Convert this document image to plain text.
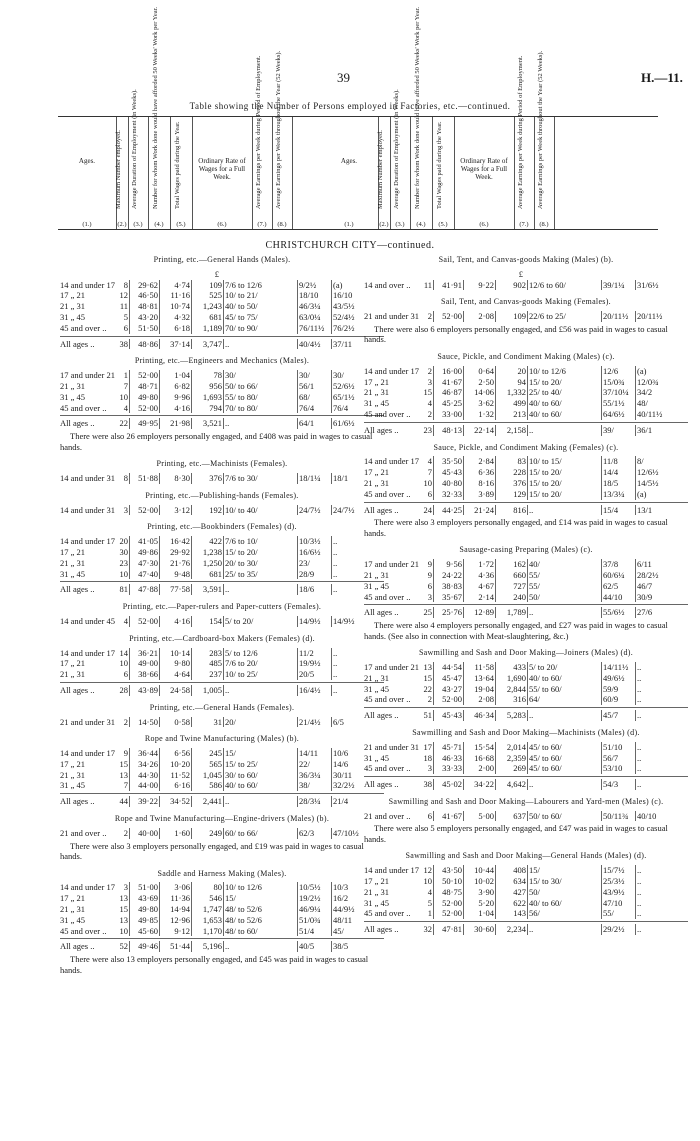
39	H.—11.
Table showing the Number of Persons employed in Factories, etc.—continued.
Ages.
(1.)
Maximum Number employed.
(2.)
Average Duration of Employment (in Weeks).
(3.)
Number for whom Work done would have afforded 50 Weeks' Work per Year.
(4.)
Total Wages paid during the Year.
(5.)
Ordinary Rate of Wages for a Full Week.
(6.)
Average Earnings per Week during Period of Employment.
(7.)
Average Earnings per Week throughout the Year (52 Weeks).
(8.)
Ages.
(1.)
Maximum Number employed.
(2.)
Average Duration of Employment (in Weeks).
(3.)
Number for whom Work done would have afforded 50 Weeks' Work per Year.
(4.)
Total Wages paid during the Year.
(5.)
Ordinary Rate of Wages for a Full Week.
(6.)
Average Earnings per Week during Period of Employment.
(7.)
Average Earnings per Week throughout the Year (52 Weeks).
(8.)
CHRISTCHURCH CITY—continued.
Printing, etc.—General Hands (Males).
£
14 and under 17	8	29·62	4·74	109 7/6 to 12/6	9/2½	(a)
17 „ 21	12	46·50	11·16	525 10/ to 21/	18/10	16/10
21 „ 31	11	48·81	10·74	1,243 40/ to 50/	46/3¼	43/5½
31 „ 45	5	43·20	4·32	681 45/ to 75/	63/0¼	52/4½
45 and over ..	6	51·50	6·18	1,189 70/ to 90/	76/11½	76/2½
All ages ..	38	48·86	37·14	3,747 ..	40/4½	37/11
Printing, etc.—Engineers and Mechanics (Males).
17 and under 21	1	52·00	1·04	78 30/	30/	30/
21 „ 31	7	48·71	6·82	956 50/ to 66/	56/1	52/6½
31 „ 45	10	49·80	9·96	1,693 55/ to 80/	68/	65/1½
45 and over ..	4	52·00	4·16	794 70/ to 80/	76/4	76/4
All ages ..	22	49·95	21·98	3,521 ..	64/1	61/6½
There were also 26 employers personally engaged, and £408 was paid in wages to casual hands.
Printing, etc.—Machinists (Females).
14 and under 31	8	51·88	8·30	376 7/6 to 30/	18/1¼	18/1
Printing, etc.—Publishing-hands (Females).
14 and under 31	3	52·00	3·12	192 10/ to 40/	24/7½	24/7½
Printing, etc.—Bookbinders (Females) (d).
14 and under 17 20	41·05	16·42	422 7/6 to 10/	10/3½	..
17 „ 21	30	49·86	29·92	1,238 15/ to 20/	16/6½	..
21 „ 31	23	47·30	21·76	1,250 20/ to 30/	23/	..
31 „ 45	10	47·40	9·48	681 25/ to 35/	28/9	..
All ages ..	81	47·88	77·58	3,591 ..	18/6	..
Printing, etc.—Paper-rulers and Paper-cutters (Females).
14 and under 45	4	52·00	4·16	154 5/ to 20/	14/9½	14/9½
Printing, etc.—Cardboard-box Makers (Females) (d).
14 and under 17 14	36·21	10·14	283 5/ to 12/6	11/2	..
17 „ 21	10	49·00	9·80	485 7/6 to 20/	19/9½	..
21 „ 31	6	38·66	4·64	237 10/ to 25/	20/5	..
All ages ..	28	43·89	24·58	1,005 ..	16/4½	..
Printing, etc.—General Hands (Females).
21 and under 31	2	14·50	0·58	31 20/	21/4½	6/5
Rope and Twine Manufacturing (Males) (b).
14 and under 17	9	36·44	6·56	245 15/	14/11	10/6
17 „ 21	15	34·26	10·20	565 15/ to 25/	22/	14/6
21 „ 31	13	44·30	11·52	1,045 30/ to 60/	36/3¼	30/11
31 „ 45	7	44·00	6·16	586 40/ to 60/	38/	32/2½
All ages ..	44	39·22	34·52	2,441 ..	28/3¼	21/4
Rope and Twine Manufacturing—Engine-drivers (Males) (b).
21 and over ..	2	40·00	1·60	249 60/ to 66/	62/3	47/10½
There were also 3 employers personally engaged, and £19 was paid in wages to casual hands.
Saddle and Harness Making (Males).
14 and under 17	3	51·00	3·06	80 10/ to 12/6	10/5½	10/3
17 „ 21	13	43·69	11·36	546 15/	19/2½	16/2
21 „ 31	15	49·80	14·94	1,747 48/ to 52/6	46/9¼	44/9½
31 „ 45	13	49·85	12·96	1,653 48/ to 52/6	51/0¾	48/11
45 and over ..	10	45·60	9·12	1,170 48/ to 60/	51/4	45/
All ages ..	52	49·46	51·44	5,196 ..	40/5	38/5
There were also 13 employers personally engaged, and £45 was paid in wages to casual hands.
Sail, Tent, and Canvas-goods Making (Males) (b).
£
14 and over ..	11	41·91	9·22	902 12/6 to 60/	39/1¼	31/6½
Sail, Tent, and Canvas-goods Making (Females).
21 and under 31	2	52·00	2·08	109 22/6 to 25/	20/11½	20/11½
There were also 6 employers personally engaged, and £56 was paid in wages to casual hands.
Sauce, Pickle, and Condiment Making (Males) (c).
14 and under 17	2	16·00	0·64	20 10/ to 12/6	12/6	(a)
17 „ 21	3	41·67	2·50	94 15/ to 20/	15/0¾	12/0¾
21 „ 31	15	46·87	14·06	1,332 25/ to 40/	37/10¼ 34/2
31 „ 45	4	45·25	3·62	499 40/ to 60/	55/1½	48/
45 and over ..	2	33·00	1·32	213 40/ to 60/	64/6½	40/11½
All ages ..	23	48·13	22·14	2,158 ..	39/	36/1
Sauce, Pickle, and Condiment Making (Females) (c).
14 and under 17	4	35·50	2·84	83 10/ to 15/	11/8	8/
17 „ 21	7	45·43	6·36	228 15/ to 20/	14/4	12/6½
21 „ 31	10	40·80	8·16	376 15/ to 20/	18/5	14/5½
45 and over ..	6	32·33	3·89	129 15/ to 20/	13/3¼	(a)
All ages ..	24	44·25	21·24	816 ..	15/4	13/1
There were also 3 employers personally engaged, and £14 was paid in wages to casual hands.
Sausage-casing Preparing (Males) (c).
17 and under 21	9	9·56	1·72	162 40/	37/8	6/11
21 „ 31	9	24·22	4·36	660 55/	60/6¼	28/2½
31 „ 45	6	38·83	4·67	727 55/	62/5	46/7
45 and over ..	3	35·67	2·14	240 50/	44/10	30/9
All ages ..	25	25·76	12·89	1,789 ..	55/6½	27/6
There were also 4 employers personally engaged, and £27 was paid in wages to casual hands. (See also in connection with Meat-slaughtering, &c.)
Sawmilling and Sash and Door Making—Joiners (Males) (d).
17 and under 21 13	44·54	11·58	433 5/ to 20/	14/11½	..
21 „ 31	15	45·47	13·64	1,690 40/ to 60/	49/6½	..
31 „ 45	22	43·27	19·04	2,844 55/ to 60/	59/9	..
45 and over ..	2	52·00	2·08	316 64/	60/9	..
All ages ..	51	45·43	46·34	5,283 ..	45/7	..
Sawmilling and Sash and Door Making—Machinists (Males) (d).
21 and under 31 17	45·71	15·54	2,014 45/ to 60/	51/10	..
31 „ 45	18	46·33	16·68	2,359 45/ to 60/	56/7	..
45 and over ..	3	33·33	2·00	269 45/ to 60/	53/10	..
All ages ..	38	45·02	34·22	4,642 ..	54/3	..
Sawmilling and Sash and Door Making—Labourers and Yard-men (Males) (c).
21 and over ..	6	41·67	5·00	637 50/ to 60/	50/11¾	40/10
There were also 5 employers personally engaged, and £47 was paid in wages to casual hands.
Sawmilling and Sash and Door Making—General Hands (Males) (d).
14 and under 17 12	43·50	10·44	408 15/	15/7½	..
17 „ 21	10	50·10	10·02	634 15/ to 30/	25/3½	..
21 „ 31	4	48·75	3·90	427 50/	43/9½	..
31 „ 45	5	52·00	5·20	622 40/ to 60/	47/10	..
45 and over ..	1	52·00	1·04	143 56/	55/	..
All ages ..	32	47·81	30·60	2,234 ..	29/2½	..
